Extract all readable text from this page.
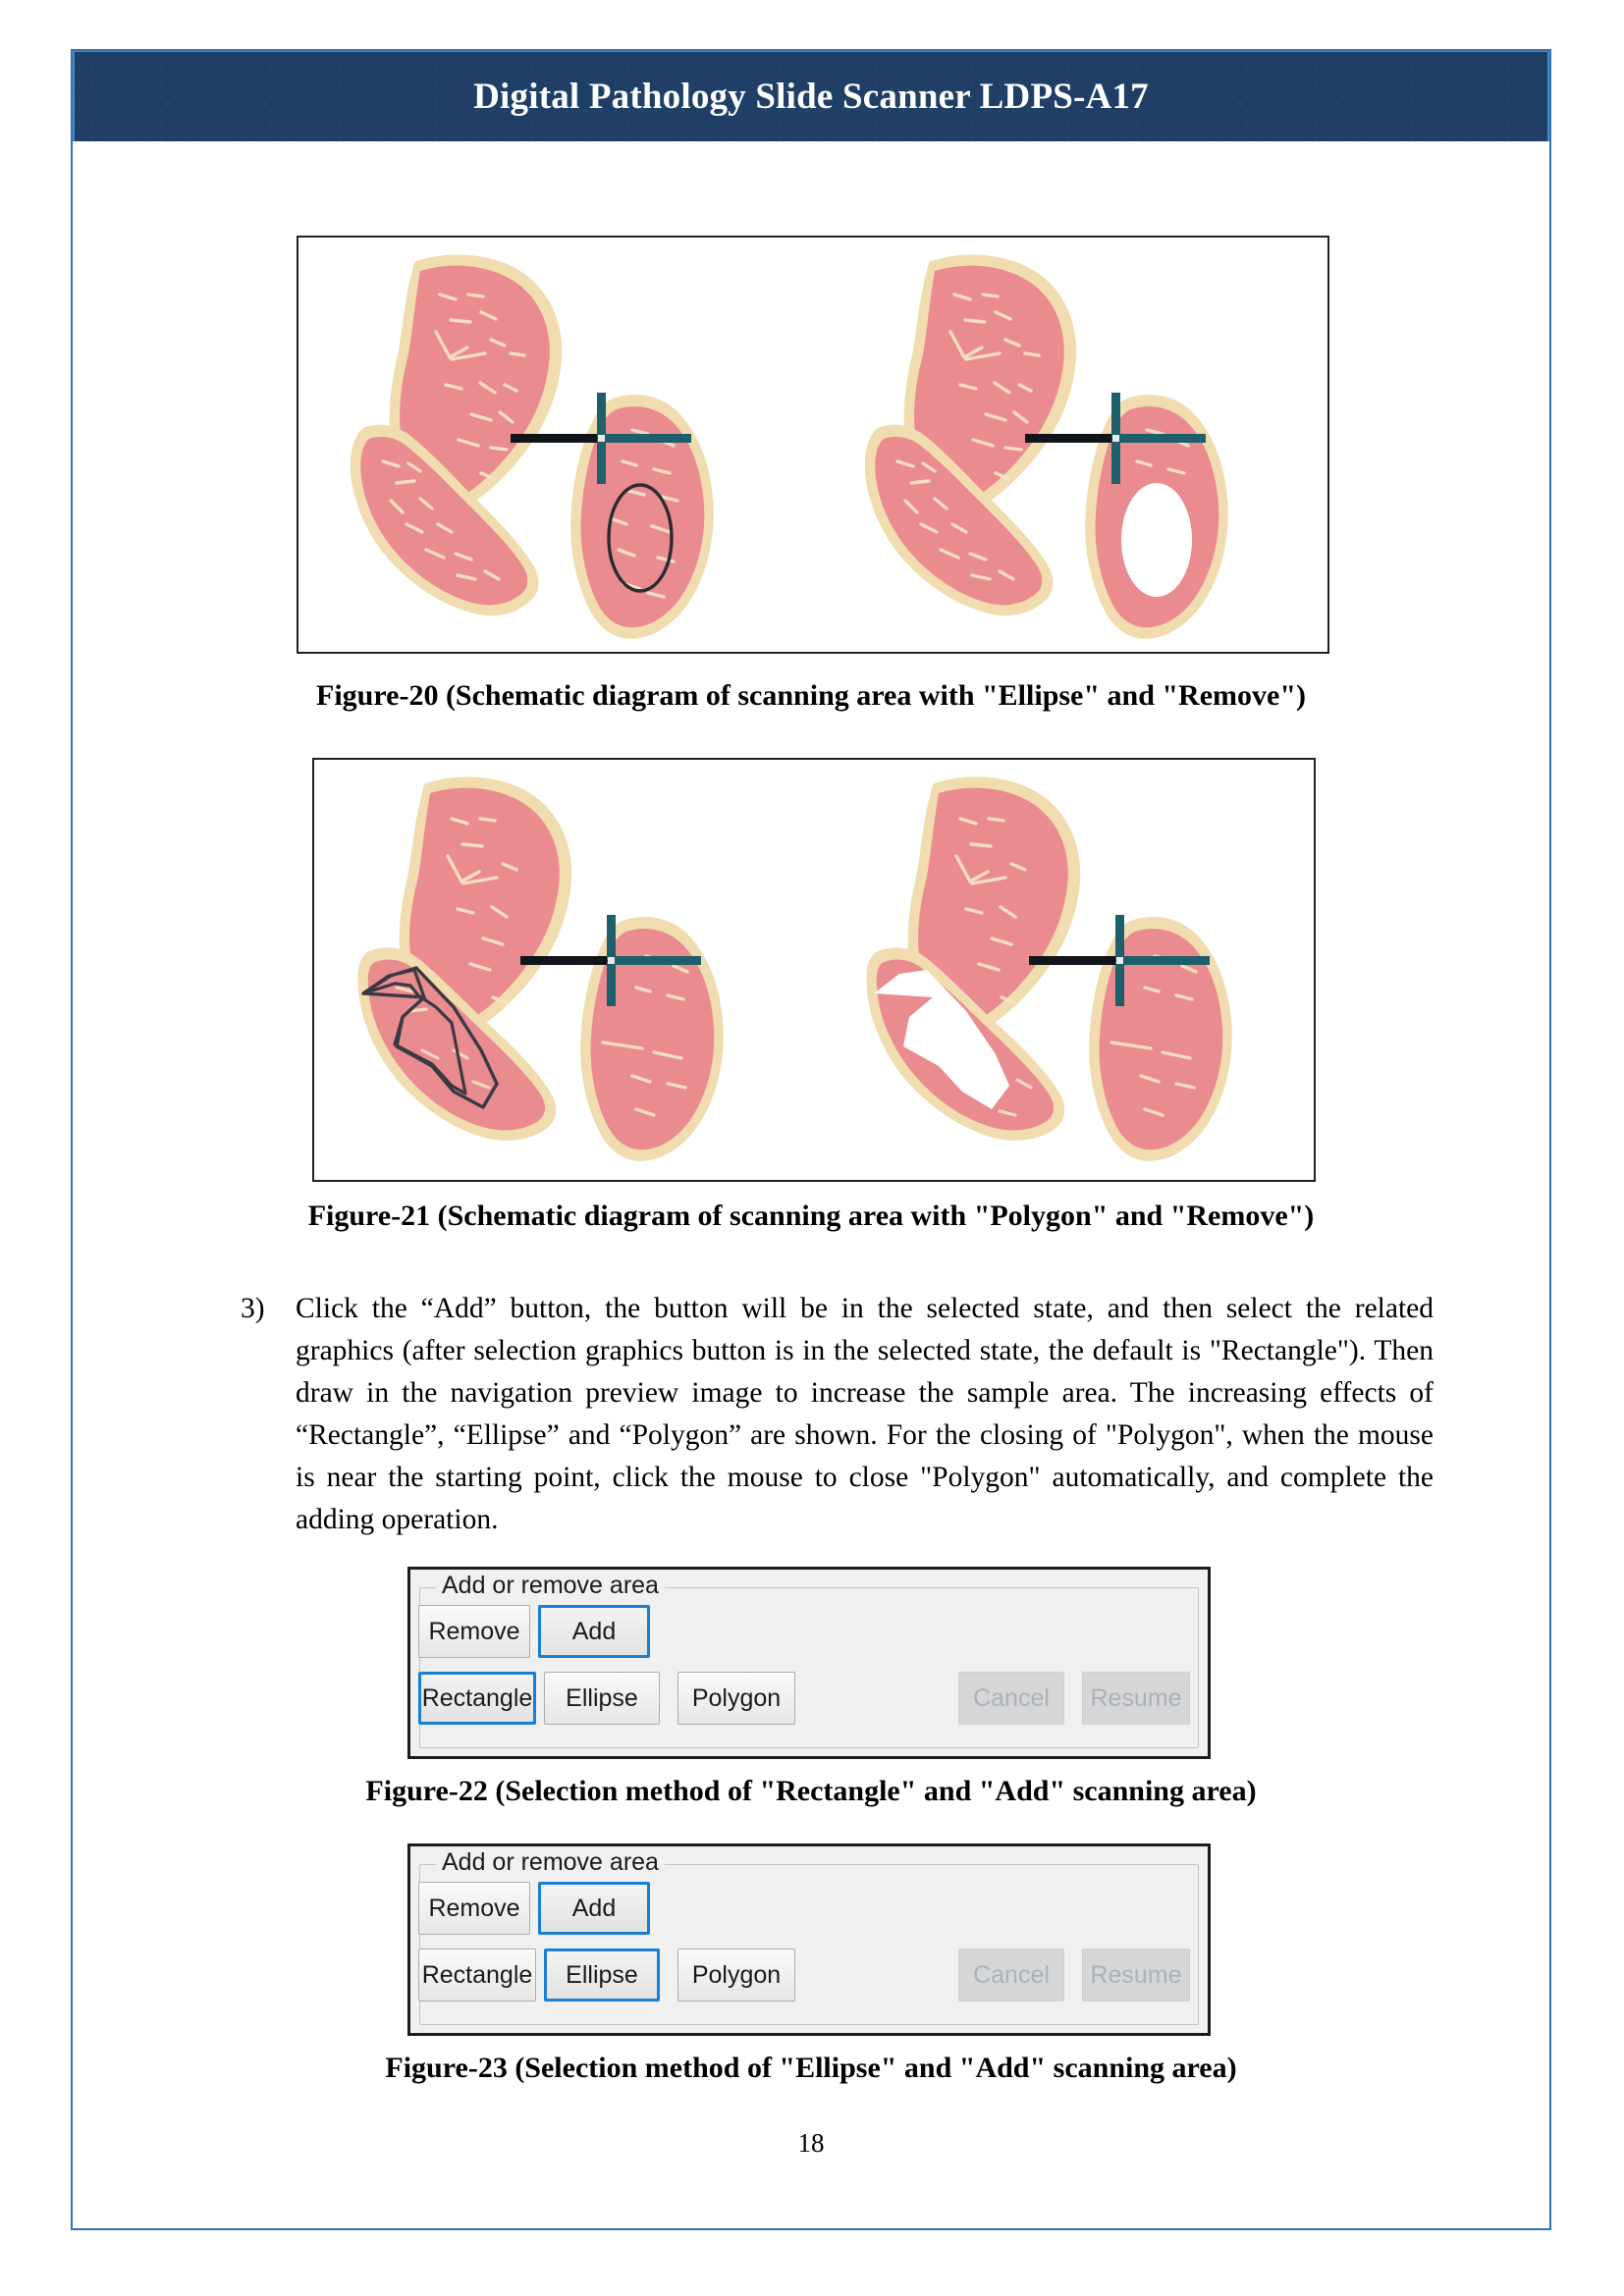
Digital Pathology Slide Scanner LDPS-A17
Figure-20 (Schematic diagram of scanning area with "Ellipse" and "Remove")
Figure-21 (Schematic diagram of scanning area with "Polygon" and "Remove")
3)	Click the “Add” button, the button will be in the selected state, and then select the related graphics (after selection graphics button is in the selected state, the default is "Rectangle"). Then draw in the navigation preview image to increase the sample area. The increasing effects of “Rectangle”, “Ellipse” and “Polygon” are shown. For the closing of "Polygon", when the mouse is near the starting point, click the mouse to close "Polygon" automatically, and complete the adding operation.
Add or remove area
Remove	Add
Rectangle	Ellipse	Polygon	Cancel	Resume
Figure-22 (Selection method of "Rectangle" and "Add" scanning area)
Add or remove area
Remove	Add
Rectangle	Ellipse	Polygon	Cancel	Resume
Figure-23 (Selection method of "Ellipse" and "Add" scanning area)
18
